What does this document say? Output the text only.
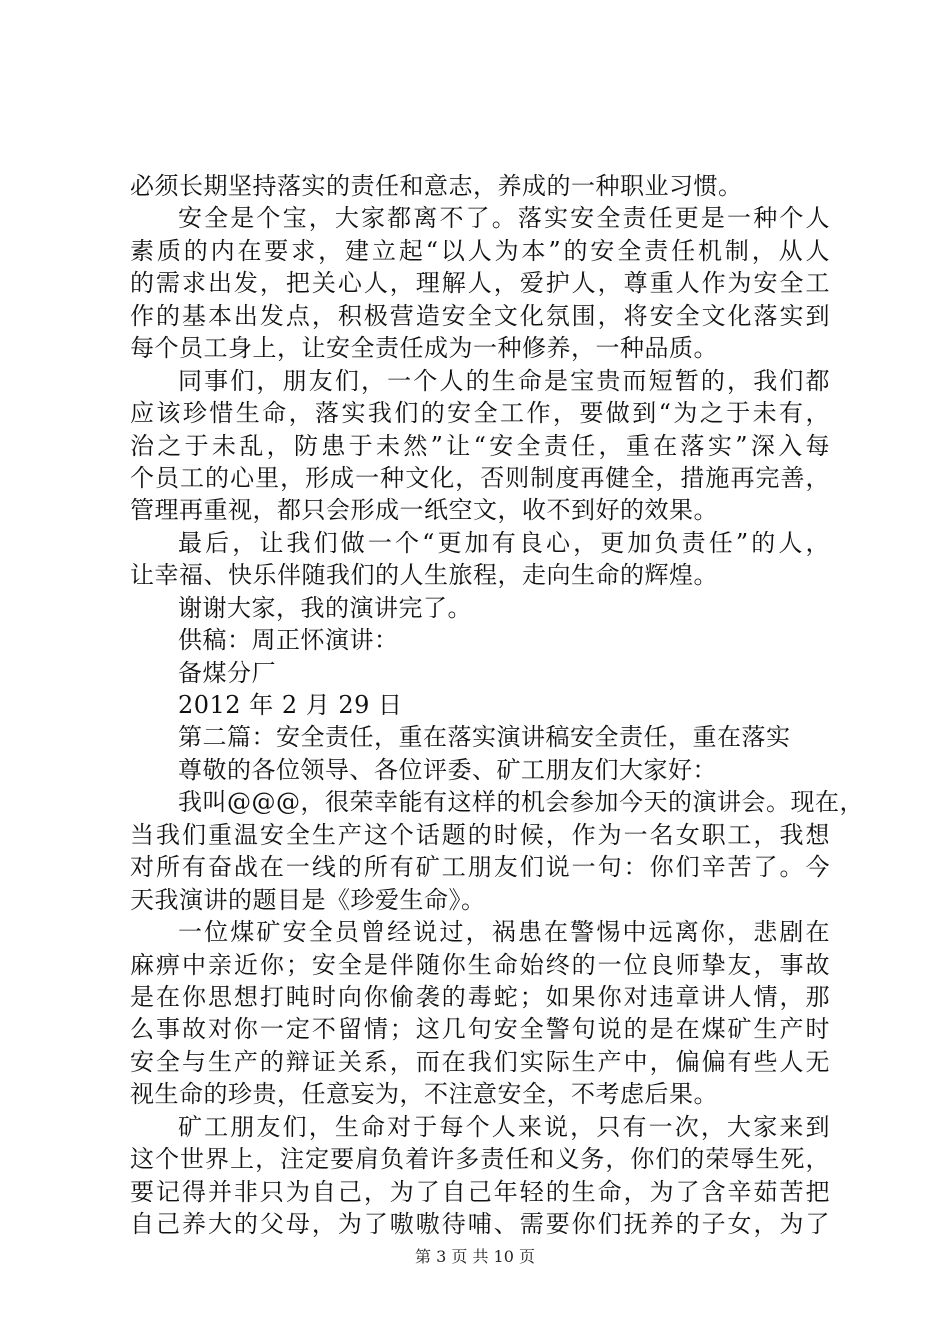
必须长期坚持落实的责任和意志，养成的一种职业习惯。
安全是个宝，大家都离不了。落实安全责任更是一种个人
素质的内在要求，建立起“以人为本”的安全责任机制，从人
的需求出发，把关心人，理解人，爱护人，尊重人作为安全工
作的基本出发点，积极营造安全文化氛围，将安全文化落实到
每个员工身上，让安全责任成为一种修养，一种品质。
同事们，朋友们，一个人的生命是宝贵而短暂的，我们都
应该珍惜生命，落实我们的安全工作，要做到“为之于未有，
治之于未乱，防患于未然”让“安全责任，重在落实”深入每
个员工的心里，形成一种文化，否则制度再健全，措施再完善，
管理再重视，都只会形成一纸空文，收不到好的效果。
最后，让我们做一个“更加有良心，更加负责任”的人，
让幸福、快乐伴随我们的人生旅程，走向生命的辉煌。
谢谢大家，我的演讲完了。
供稿：周正怀演讲：
备煤分厂
2012 年 2 月 29 日
第二篇：安全责任，重在落实演讲稿安全责任，重在落实
尊敬的各位领导、各位评委、矿工朋友们大家好：
我叫@@@，很荣幸能有这样的机会参加今天的演讲会。现在，
当我们重温安全生产这个话题的时候，作为一名女职工，我想
对所有奋战在一线的所有矿工朋友们说一句：你们辛苦了。今
天我演讲的题目是《珍爱生命》。
一位煤矿安全员曾经说过，祸患在警惕中远离你，悲剧在
麻痹中亲近你；安全是伴随你生命始终的一位良师挚友，事故
是在你思想打盹时向你偷袭的毒蛇；如果你对违章讲人情，那
么事故对你一定不留情；这几句安全警句说的是在煤矿生产时
安全与生产的辩证关系，而在我们实际生产中，偏偏有些人无
视生命的珍贵，任意妄为，不注意安全，不考虑后果。
矿工朋友们，生命对于每个人来说，只有一次，大家来到
这个世界上，注定要肩负着许多责任和义务，你们的荣辱生死，
要记得并非只为自己，为了自己年轻的生命，为了含辛茹苦把
自己养大的父母，为了嗷嗷待哺、需要你们抚养的子女，为了
第 3 页 共 10 页
